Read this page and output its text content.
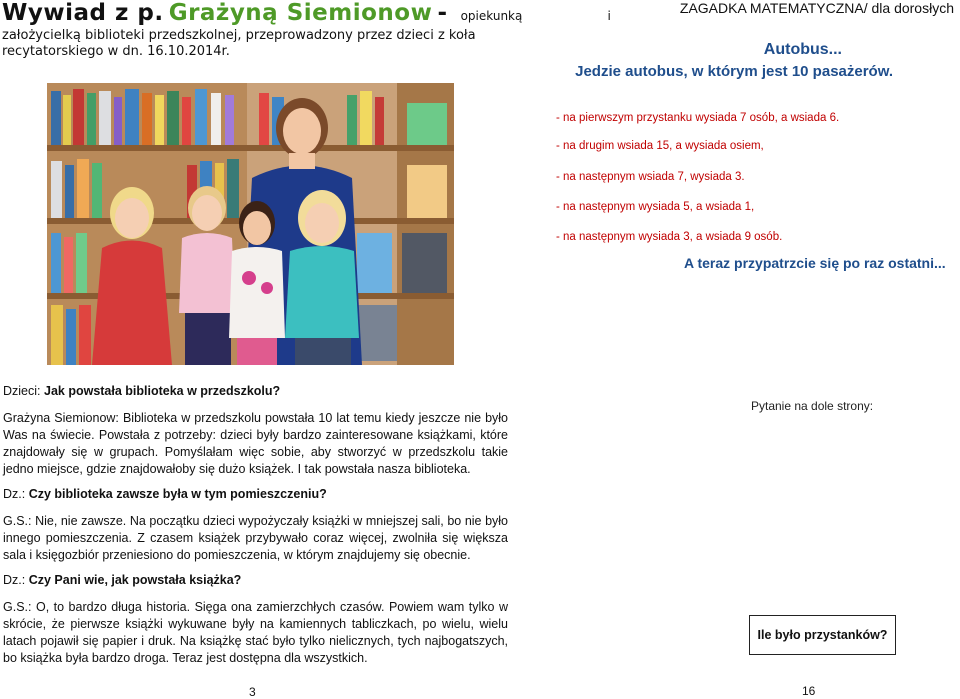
Wywiad z p. Grażyną Siemionow - opiekunką	i
założycielką biblioteki przedszkolnej, przeprowadzony przez dzieci z koła
recytatorskiego w dn. 16.10.2014r.

Dzieci: Jak powstała biblioteka w przedszkolu?

Grażyna Siemionow: Biblioteka w przedszkolu powstała 10 lat temu kiedy jeszcze nie było Was na świecie. Powstała z potrzeby: dzieci były bardzo zainteresowane książkami, które znajdowały się w grupach. Pomyślałam więc sobie, aby stworzyć w przedszkolu takie jedno miejsce, gdzie znajdowałoby się dużo książek. I tak powstała nasza biblioteka.

Dz.: Czy biblioteka zawsze była w tym pomieszczeniu?

G.S.: Nie, nie zawsze. Na początku dzieci wypożyczały książki w mniejszej sali, bo nie było innego pomieszczenia. Z czasem książek przybywało coraz więcej, zwolniła się większa sala i księgozbiór przeniesiono do pomieszczenia, w którym znajdujemy się obecnie.

Dz.: Czy Pani wie, jak powstała książka?

G.S.: O, to bardzo długa historia. Sięga ona zamierzchłych czasów. Powiem wam tylko w skrócie, że pierwsze książki wykuwane były na kamiennych tabliczkach, po wielu, wielu latach pojawił się papier i druk. Na książkę stać było tylko nielicznych, tych najbogatszych, bo książka była bardzo droga. Teraz jest dostępna dla wszystkich.

3
ZAGADKA MATEMATYCZNA/ dla dorosłych
Autobus...
Jedzie autobus, w którym jest 10 pasażerów.
- na pierwszym przystanku wysiada 7 osób, a wsiada 6.
- na drugim wsiada 15, a wysiada osiem,
- na następnym wsiada 7, wysiada 3.
- na następnym wysiada 5, a wsiada 1,
- na następnym wysiada 3, a wsiada 9 osób.
A teraz przypatrzcie się po raz ostatni...
Pytanie na dole strony:
Ile było przystanków?
16
